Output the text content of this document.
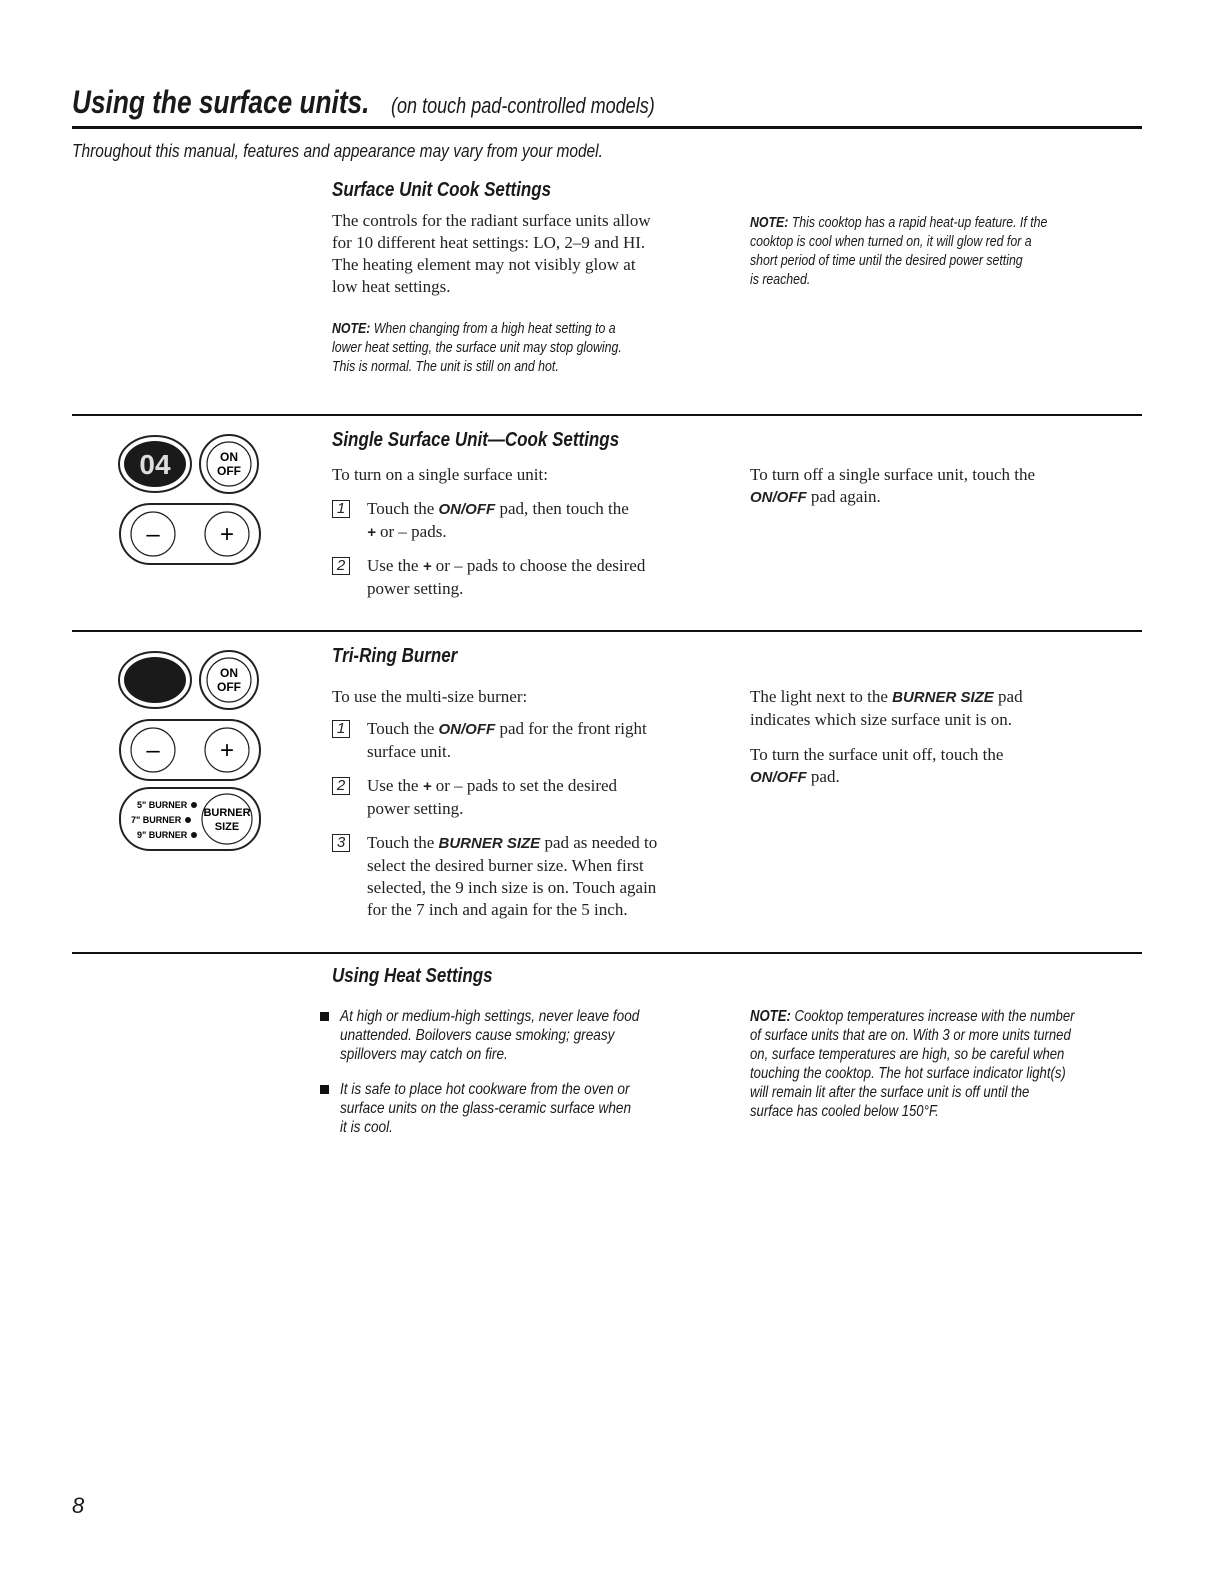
Using the surface units. (on touch pad-controlled models)
Throughout this manual, features and appearance may vary from your model.
Surface Unit Cook Settings
The controls for the radiant surface units allow
for 10 different heat settings: LO, 2–9 and HI.
The heating element may not visibly glow at
low heat settings.
NOTE: When changing from a high heat setting to a
lower heat setting, the surface unit may stop glowing.
This is normal. The unit is still on and hot.
NOTE: This cooktop has a rapid heat-up feature. If the
cooktop is cool when turned on, it will glow red for a
short period of time until the desired power setting
is reached.
04	ON
OFF
–	+
Single Surface Unit—Cook Settings
To turn on a single surface unit:
1 Touch the ON/OFF pad, then touch the
+ or – pads.
2 Use the + or – pads to choose the desired
power setting.
To turn off a single surface unit, touch the
ON/OFF pad again.
ON
OFF
–	+
5" BURNER
7" BURNER
9" BURNER
BURNER
SIZE
Tri-Ring Burner
To use the multi-size burner:
1 Touch the ON/OFF pad for the front right
surface unit.
2 Use the + or – pads to set the desired
power setting.
3 Touch the BURNER SIZE pad as needed to
select the desired burner size. When first
selected, the 9 inch size is on. Touch again
for the 7 inch and again for the 5 inch.
The light next to the BURNER SIZE pad
indicates which size surface unit is on.

To turn the surface unit off, touch the
ON/OFF pad.
Using Heat Settings
At high or medium-high settings, never leave food
unattended. Boilovers cause smoking; greasy
spillovers may catch on fire.
It is safe to place hot cookware from the oven or
surface units on the glass-ceramic surface when
it is cool.
NOTE: Cooktop temperatures increase with the number
of surface units that are on. With 3 or more units turned
on, surface temperatures are high, so be careful when
touching the cooktop. The hot surface indicator light(s)
will remain lit after the surface unit is off until the
surface has cooled below 150°F.
8
